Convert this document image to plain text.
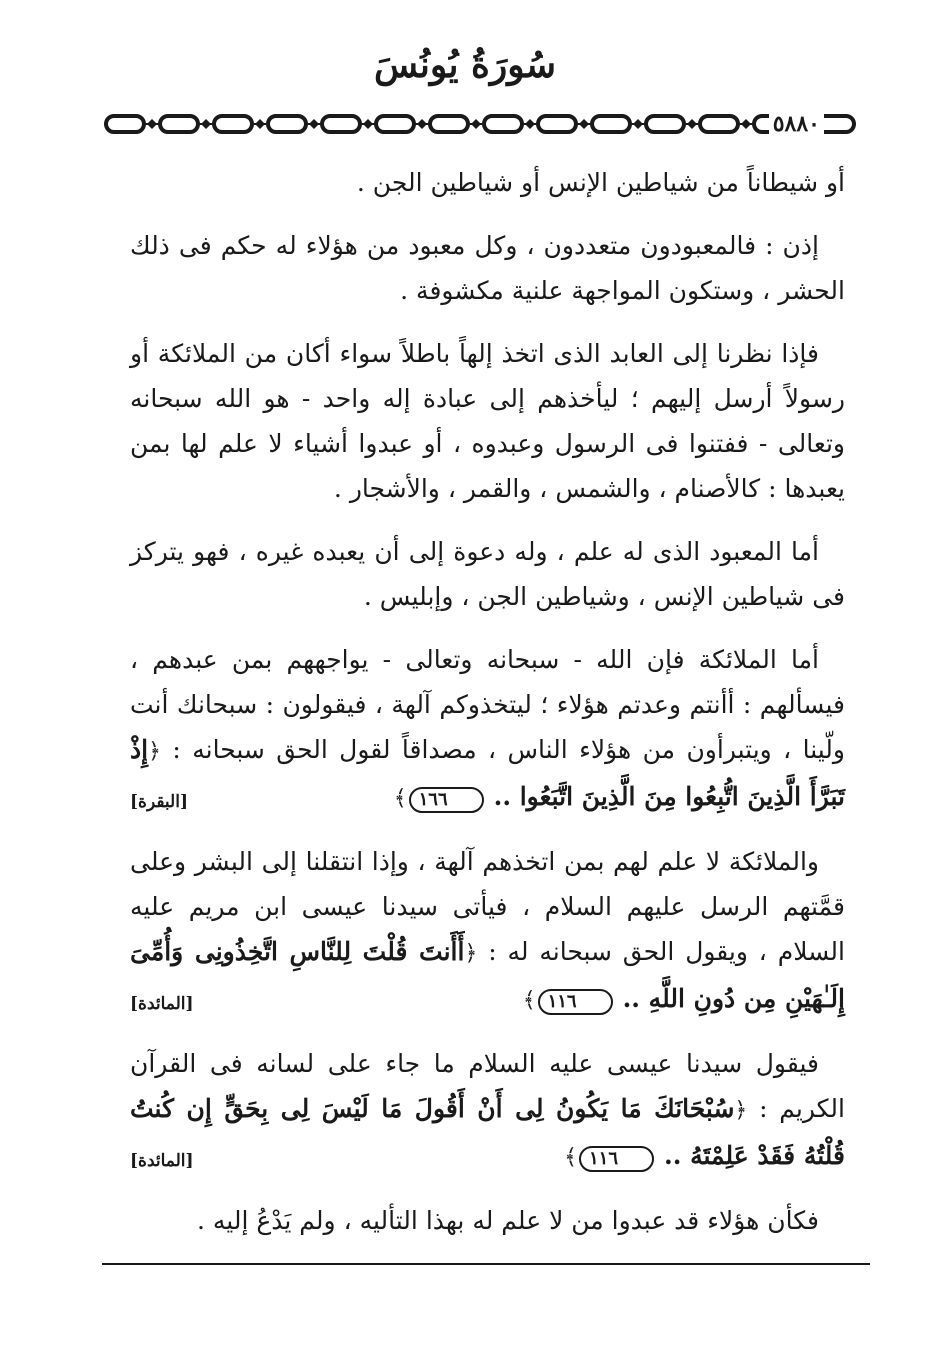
سُورَةُ يُونُسَ
٥٨٨٠

أو شيطاناً من شياطين الإنس أو شياطين الجن .

إذن : فالمعبودون متعددون ، وكل معبود من هؤلاء له حكم فى ذلك الحشر ، وستكون المواجهة علنية مكشوفة .

فإذا نظرنا إلى العابد الذى اتخذ إلهاً باطلاً سواء أكان من الملائكة أو رسولاً أرسل إليهم ؛ ليأخذهم إلى عبادة إله واحد - هو الله سبحانه وتعالى - ففتنوا فى الرسول وعبدوه ، أو عبدوا أشياء لا علم لها بمن يعبدها : كالأصنام ، والشمس ، والقمر ، والأشجار .

أما المعبود الذى له علم ، وله دعوة إلى أن يعبده غيره ، فهو يتركز فى شياطين الإنس ، وشياطين الجن ، وإبليس .

أما الملائكة فإن الله - سبحانه وتعالى - يواجههم بمن عبدهم ، فيسألهم : أأنتم وعدتم هؤلاء ؛ ليتخذوكم آلهة ، فيقولون : سبحانك أنت ولّينا ، ويتبرأون من هؤلاء الناس ، مصداقاً لقول الحق سبحانه : ﴿إِذْ تَبَرَّأَ الَّذِينَ اتُّبِعُوا مِنَ الَّذِينَ اتَّبَعُوا .. ١٦٦﴾
[البقرة]

والملائكة لا علم لهم بمن اتخذهم آلهة ، وإذا انتقلنا إلى البشر وعلى قمَّتهم الرسل عليهم السلام ، فيأتى سيدنا عيسى ابن مريم عليه السلام ، ويقول الحق سبحانه له : ﴿أَأَنتَ قُلْتَ لِلنَّاسِ اتَّخِذُونِى وَأُمِّىَ إِلَـٰهَيْنِ مِن دُونِ اللَّهِ .. ١١٦﴾
[المائدة]

فيقول سيدنا عيسى عليه السلام ما جاء على لسانه فى القرآن الكريم : ﴿سُبْحَانَكَ مَا يَكُونُ لِى أَنْ أَقُولَ مَا لَيْسَ لِى بِحَقٍّ إِن كُنتُ قُلْتُهُ فَقَدْ عَلِمْتَهُ .. ١١٦﴾
[المائدة]

فكأن هؤلاء قد عبدوا من لا علم له بهذا التأليه ، ولم يَدْعُ إليه .
